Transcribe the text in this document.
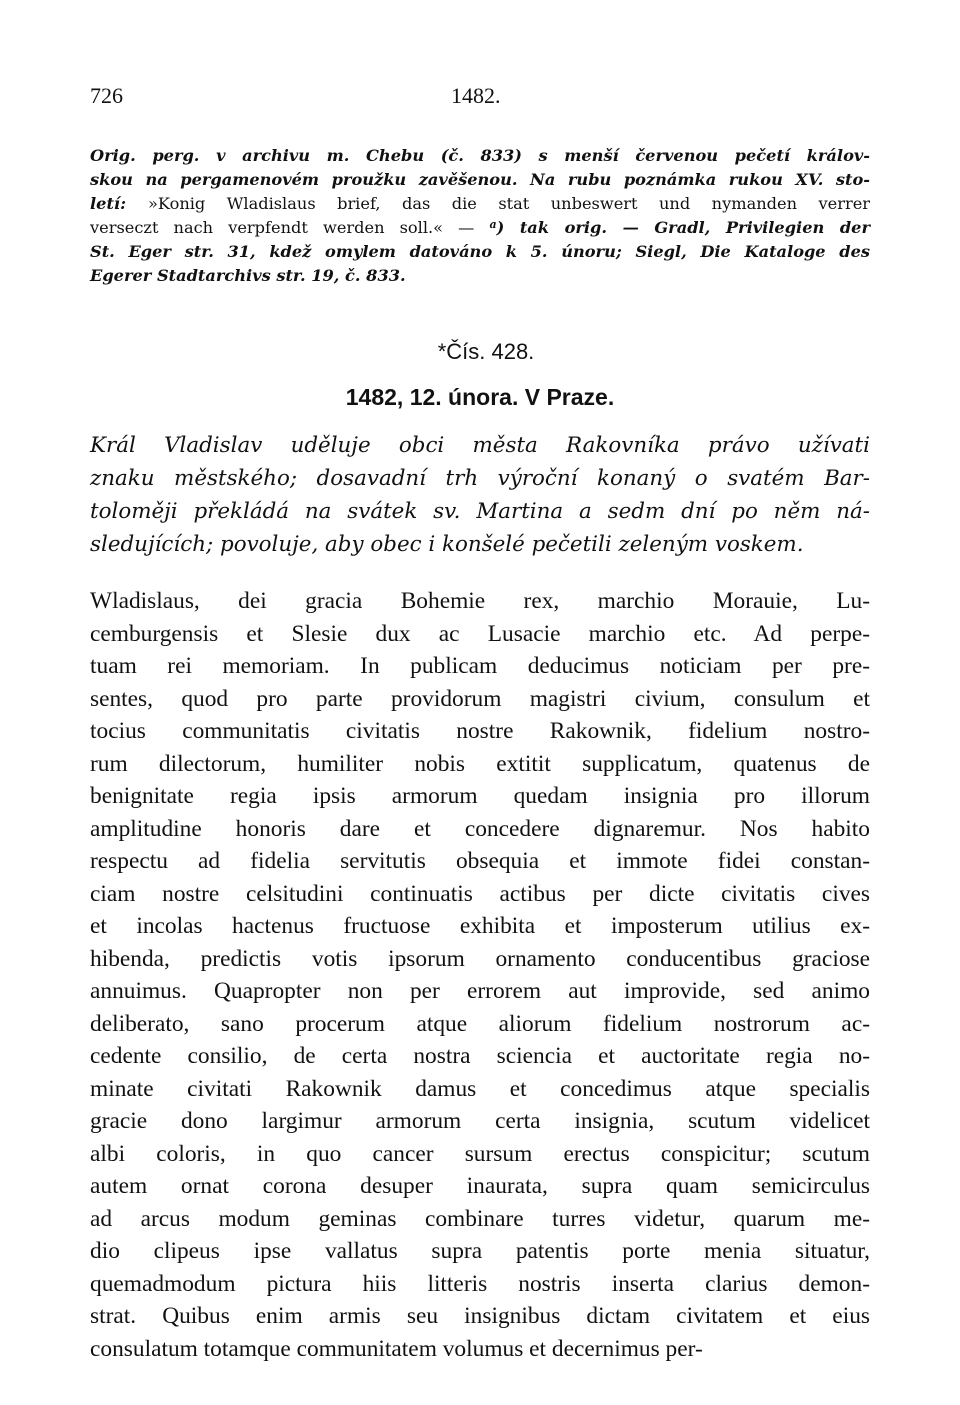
726	1482.
Orig. perg. v archivu m. Chebu (č. 833) s menší červenou pečetí králov-
skou na pergamenovém proužku zavěšenou. Na rubu poznámka rukou XV. sto-
letí: »Konig Wladislaus brief, das die stat unbeswert und nymanden verrer
verseczt nach verpfendt werden soll.« — $^a$) tak orig. — Gradl, Privilegien der
St. Eger str. 31, kdež omylem datováno k 5. únoru; Siegl, Die Kataloge des
Egerer Stadtarchivs str. 19, č. 833.
*Čís. 428.
1482, 12. února. V Praze.
Král Vladislav uděluje obci města Rakovníka právo užívati
znaku městského; dosavadní trh výroční konaný o svatém Bar-
toloměji překládá na svátek sv. Martina a sedm dní po něm ná-
sledujících; povoluje, aby obec i konšelé pečetili zeleným voskem.
Wladislaus, dei gracia Bohemie rex, marchio Morauie, Lu-
cemburgensis et Slesie dux ac Lusacie marchio etc. Ad perpe-
tuam rei memoriam. In publicam deducimus noticiam per pre-
sentes, quod pro parte providorum magistri civium, consulum et
tocius communitatis civitatis nostre Rakownik, fidelium nostro-
rum dilectorum, humiliter nobis extitit supplicatum, quatenus de
benignitate regia ipsis armorum quedam insignia pro illorum
amplitudine honoris dare et concedere dignaremur. Nos habito
respectu ad fidelia servitutis obsequia et immote fidei constan-
ciam nostre celsitudini continuatis actibus per dicte civitatis cives
et incolas hactenus fructuose exhibita et imposterum utilius ex-
hibenda, predictis votis ipsorum ornamento conducentibus graciose
annuimus. Quapropter non per errorem aut improvide, sed animo
deliberato, sano procerum atque aliorum fidelium nostrorum ac-
cedente consilio, de certa nostra sciencia et auctoritate regia no-
minate civitati Rakownik damus et concedimus atque specialis
gracie dono largimur armorum certa insignia, scutum videlicet
albi coloris, in quo cancer sursum erectus conspicitur; scutum
autem ornat corona desuper inaurata, supra quam semicirculus
ad arcus modum geminas combinare turres videtur, quarum me-
dio clipeus ipse vallatus supra patentis porte menia situatur,
quemadmodum pictura hiis litteris nostris inserta clarius demon-
strat. Quibus enim armis seu insignibus dictam civitatem et eius
consulatum totamque communitatem volumus et decernimus per-
